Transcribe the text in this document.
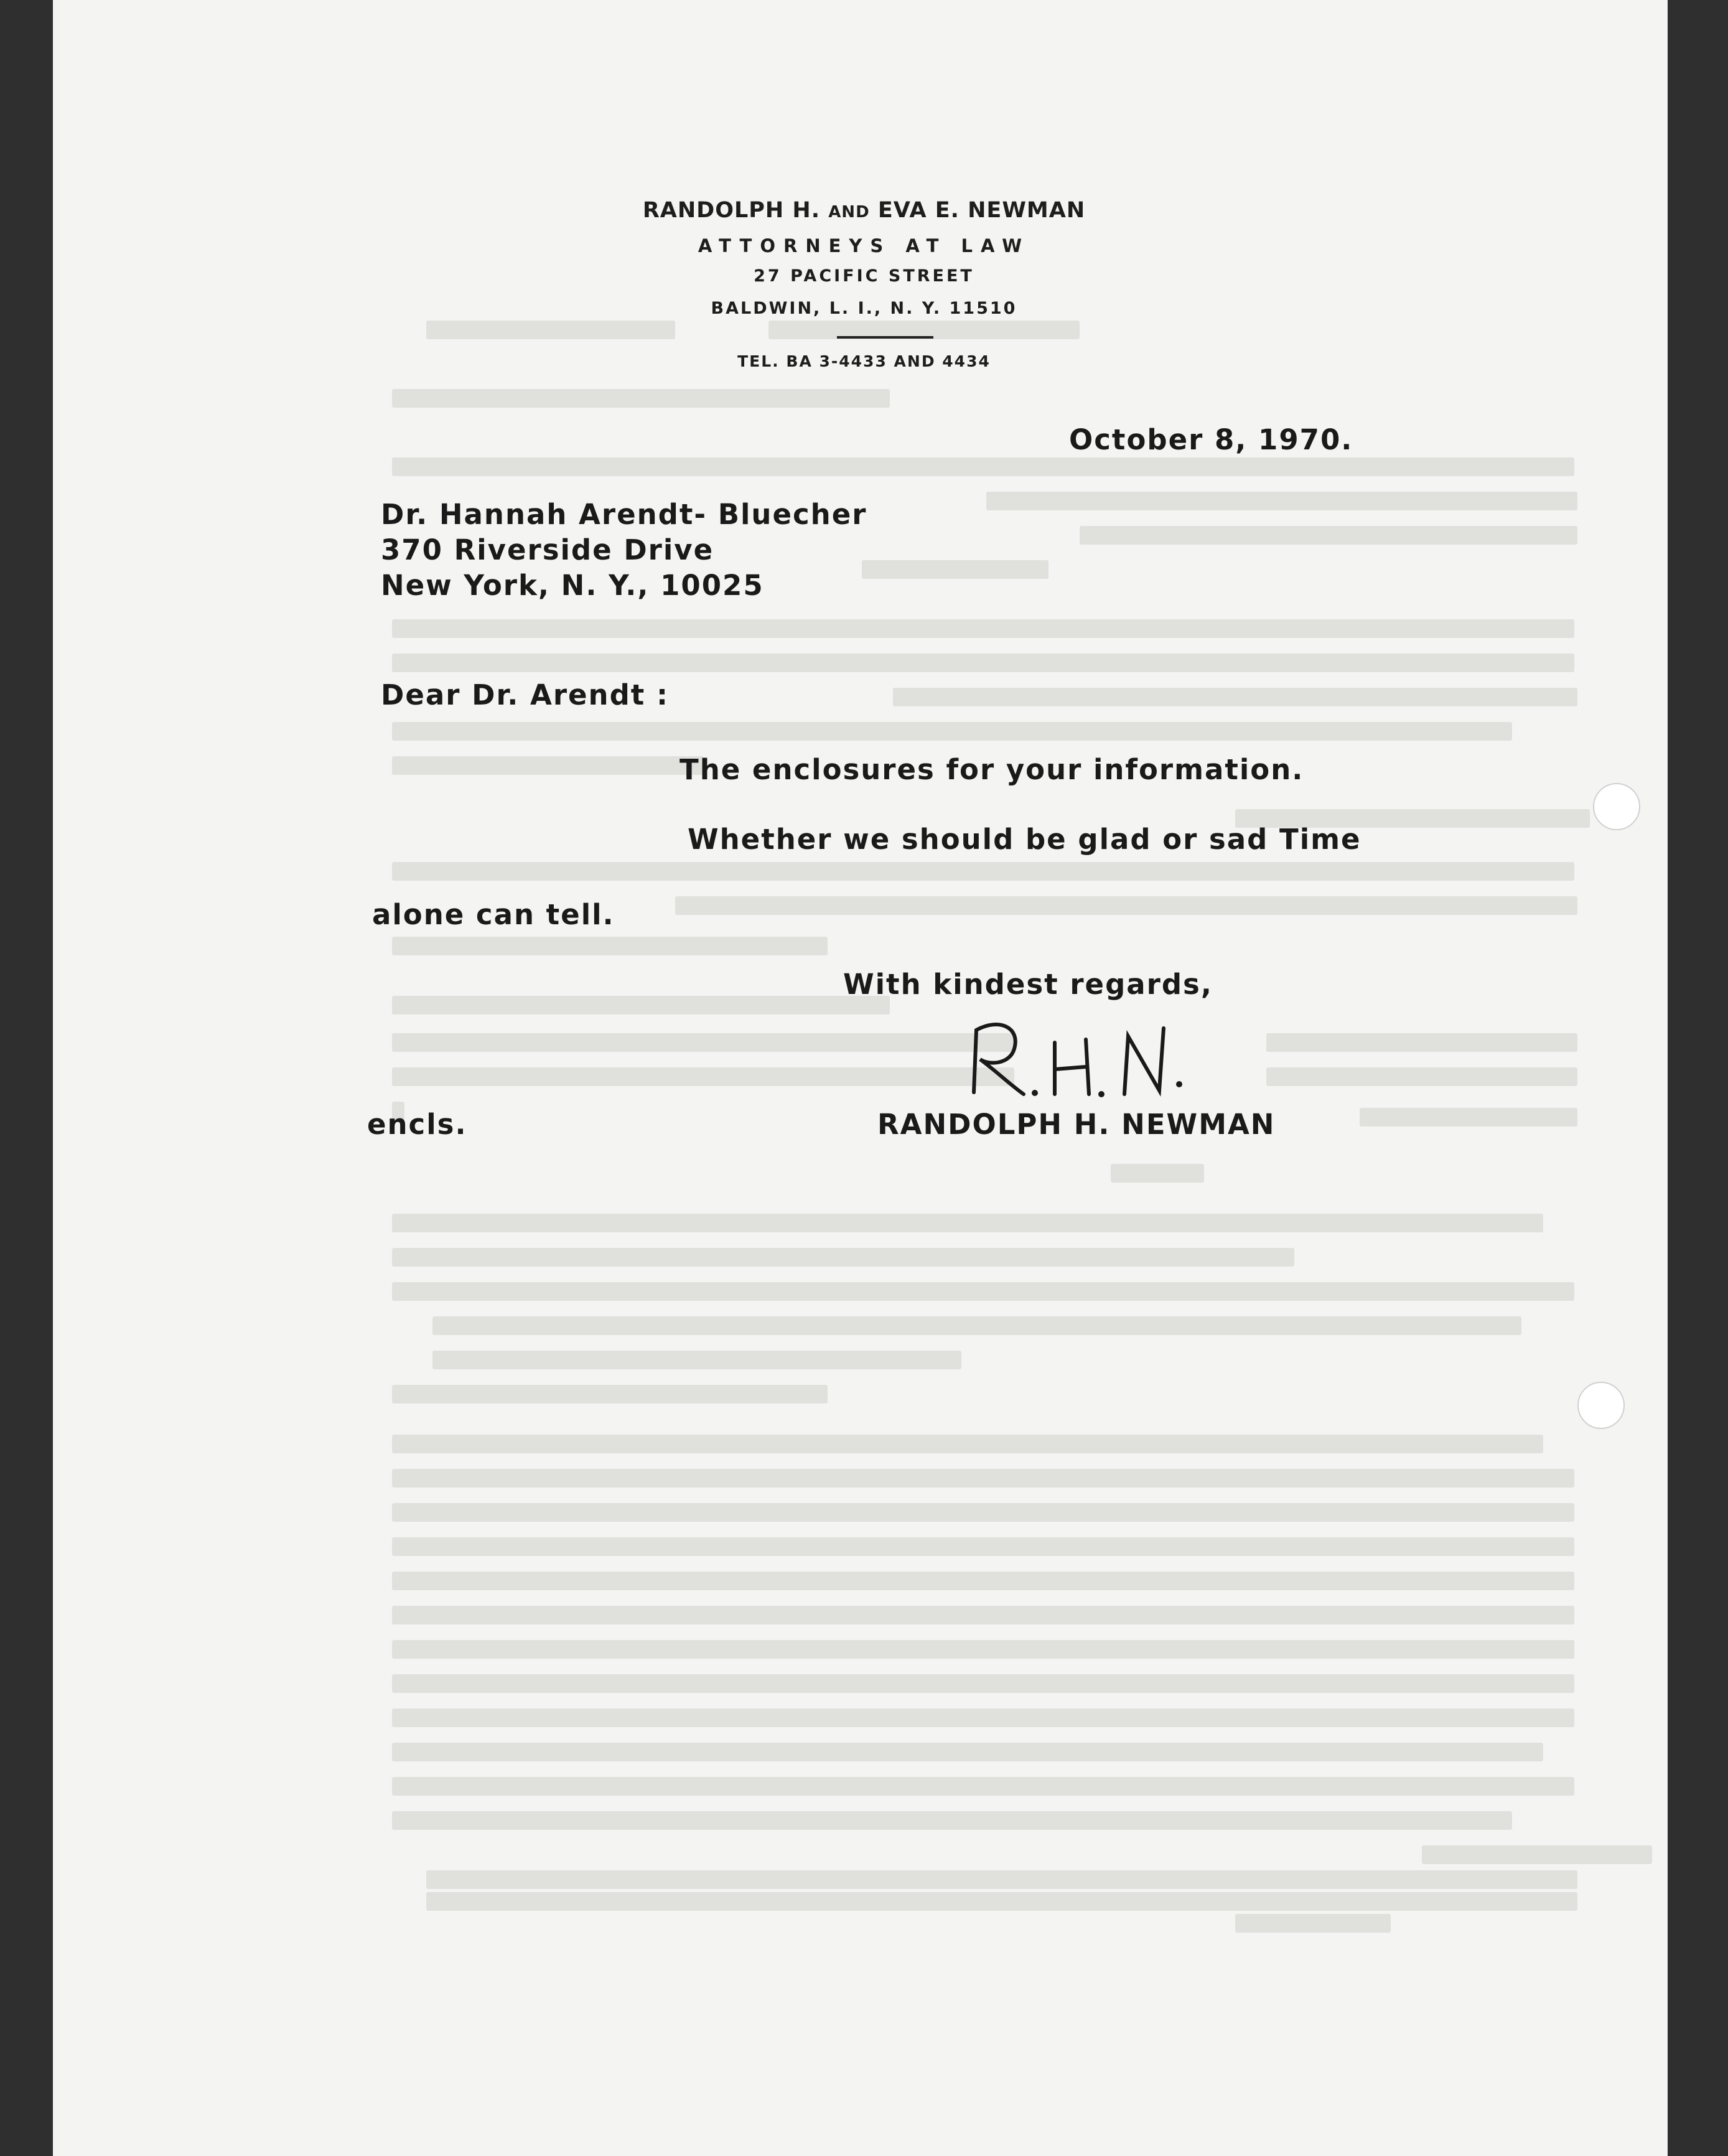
RANDOLPH H. AND EVA E. NEWMAN
ATTORNEYS AT LAW
27 PACIFIC STREET
BALDWIN, L. I., N. Y. 11510
TEL. BA 3-4433 AND 4434
October 8, 1970.
Dr. Hannah Arendt- Bluecher
370 Riverside Drive
New York, N. Y., 10025
Dear Dr. Arendt :
The enclosures for your information.
Whether we should be glad or sad Time
alone can tell.
With kindest regards,
encls.	RANDOLPH H. NEWMAN
